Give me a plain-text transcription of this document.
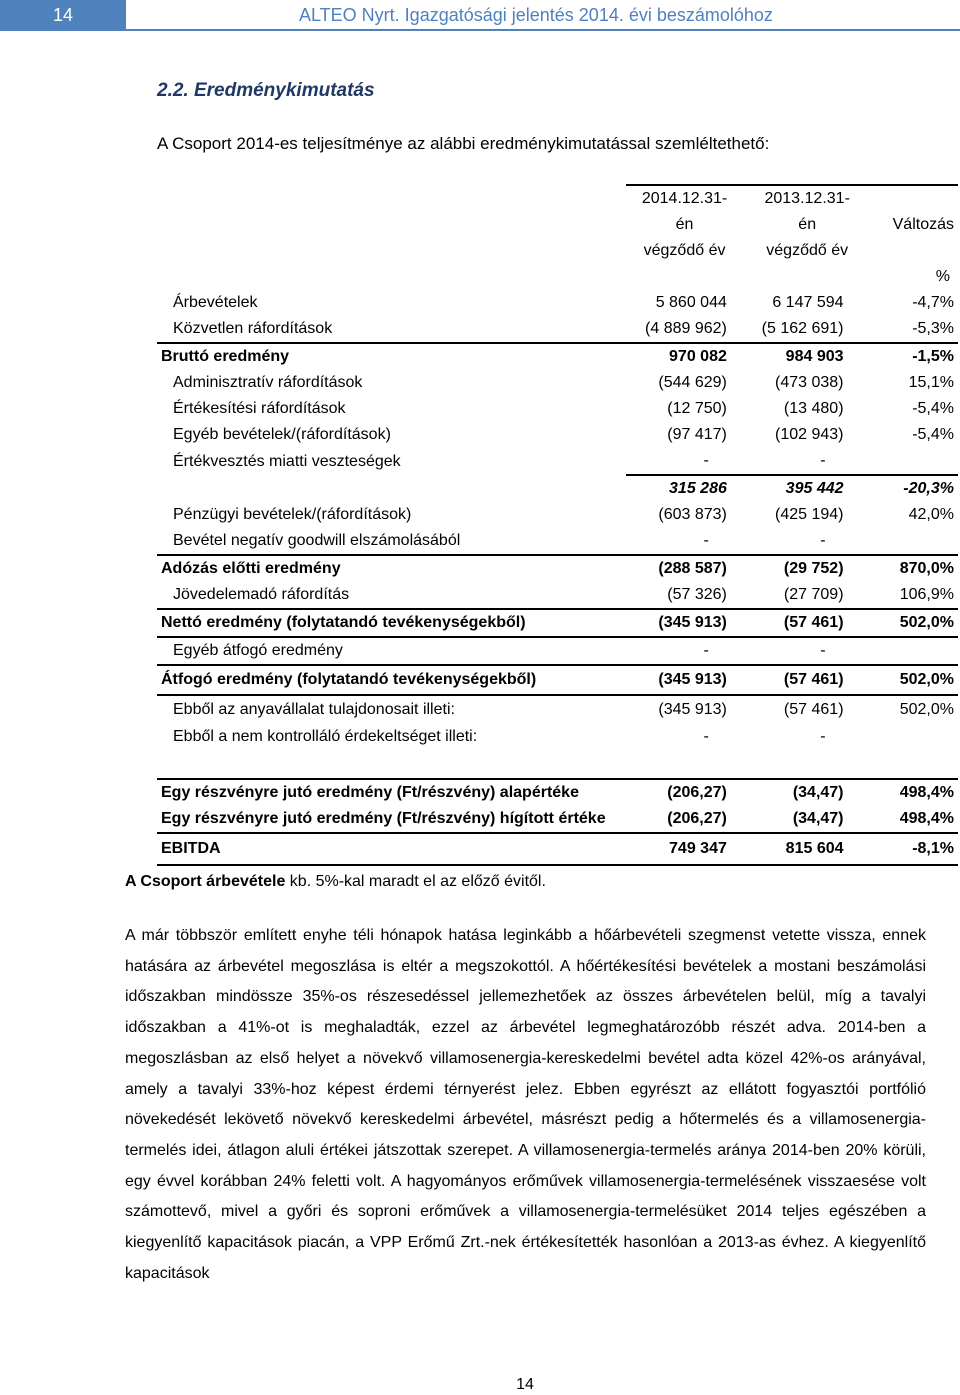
14	ALTEO Nyrt. Igazgatósági jelentés 2014. évi beszámolóhoz
2.2. Eredménykimutatás
A Csoport 2014-es teljesítménye az alábbi eredménykimutatással szemléltethető:
	2014.12.31-	2013.12.31-	
	én	én	Változás
	végződő év	végződő év	
			%
Árbevételek	5 860 044	6 147 594	-4,7%
Közvetlen ráfordítások	(4 889 962)	(5 162 691)	-5,3%
Bruttó eredmény	970 082	984 903	-1,5%
Adminisztratív ráfordítások	(544 629)	(473 038)	15,1%
Értékesítési ráfordítások	(12 750)	(13 480)	-5,4%
Egyéb bevételek/(ráfordítások)	(97 417)	(102 943)	-5,4%
Értékvesztés miatti veszteségek	-	-	
	315 286	395 442	-20,3%
Pénzügyi bevételek/(ráfordítások)	(603 873)	(425 194)	42,0%
Bevétel negatív goodwill elszámolásából	-	-	
Adózás előtti eredmény	(288 587)	(29 752)	870,0%
Jövedelemadó ráfordítás	(57 326)	(27 709)	106,9%
Nettó eredmény (folytatandó tevékenységekből)	(345 913)	(57 461)	502,0%
Egyéb átfogó eredmény	-	-	
Átfogó eredmény (folytatandó tevékenységekből)	(345 913)	(57 461)	502,0%
Ebből az anyavállalat tulajdonosait illeti:	(345 913)	(57 461)	502,0%
Ebből a nem kontrolláló érdekeltséget illeti:	-	-	

Egy részvényre jutó eredmény (Ft/részvény) alapértéke	(206,27)	(34,47)	498,4%
Egy részvényre jutó eredmény (Ft/részvény) hígított értéke	(206,27)	(34,47)	498,4%
EBITDA	749 347	815 604	-8,1%
A Csoport árbevétele kb. 5%-kal maradt el az előző évitől.
A már többször említett enyhe téli hónapok hatása leginkább a hőárbevételi szegmenst vetette vissza, ennek hatására az árbevétel megoszlása is eltér a megszokottól. A hőértékesítési bevételek a mostani beszámolási időszakban mindössze 35%-os részesedéssel jellemezhetőek az összes árbevételen belül, míg a tavalyi időszakban a 41%-ot is meghaladták, ezzel az árbevétel legmeghatározóbb részét adva. 2014-ben a megoszlásban az első helyet a növekvő villamosenergia-kereskedelmi bevétel adta közel 42%-os arányával, amely a tavalyi 33%-hoz képest érdemi térnyerést jelez. Ebben egyrészt az ellátott fogyasztói portfólió növekedését lekövető növekvő kereskedelmi árbevétel, másrészt pedig a hőtermelés és a villamosenergia-termelés idei, átlagon aluli értékei játszottak szerepet. A villamosenergia-termelés aránya 2014-ben 20% körüli, egy évvel korábban 24% feletti volt. A hagyományos erőművek villamosenergia-termelésének visszaesése volt számottevő, mivel a győri és soproni erőművek a villamosenergia-termelésüket 2014 teljes egészében a kiegyenlítő kapacitások piacán, a VPP Erőmű Zrt.-nek értékesítették hasonlóan a 2013-as évhez. A kiegyenlítő kapacitások
14
